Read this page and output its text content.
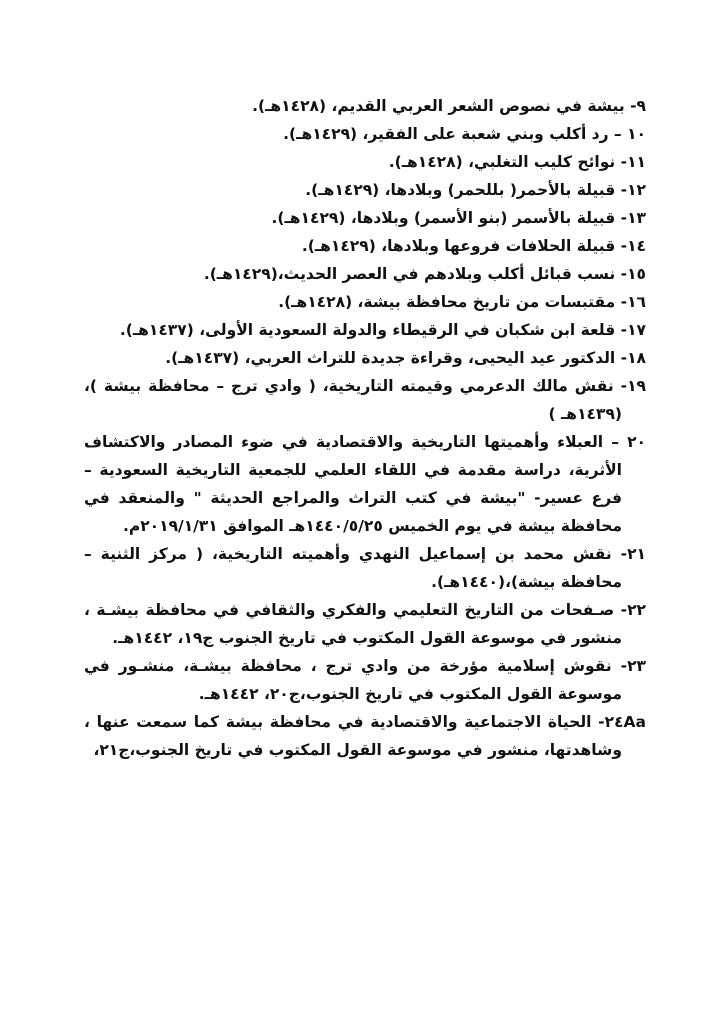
٩- بيشة في نصوص الشعر العربي القديم، (١٤٢٨هـ).
١٠ – رد أكلب وبني شعبة على الفقير، (١٤٢٩هـ).
١١- نوائح كليب التغلبي، (١٤٢٨هـ).
١٢- قبيلة بالأحمر( بللحمر) وبلادها، (١٤٢٩هـ).
١٣- قبيلة بالأسمر (بنو الأسمر) وبلادها، (١٤٢٩هـ).
١٤- قبيلة الحلافات فروعها وبلادها، (١٤٢٩هـ).
١٥- نسب قبائل أكلب وبلادهم في العصر الحديث،(١٤٢٩هـ).
١٦- مقتبسات من تاريخ محافظة بيشة، (١٤٢٨هـ).
١٧- قلعة ابن شكبان في الرقيطاء والدولة السعودية الأولى، (١٤٣٧هـ).
١٨- الدكتور عيد اليحيى، وقراءة جديدة للتراث العربي، (١٤٣٧هـ).
١٩- نقش مالك الدعرمي وقيمته التاريخية، ( وادي ترج – محافظة بيشة )، (١٤٣٩هـ )
٢٠ – العبلاء وأهميتها التاريخية والاقتصادية في ضوء المصادر والاكتشاف الأثرية، دراسة مقدمة في اللقاء العلمي للجمعية التاريخية السعودية – فرع عسير- "بيشة في كتب التراث والمراجع الحديثة " والمنعقد في محافظة بيشة في يوم الخميس ١٤٤٠/٥/٢٥هـ الموافق ٢٠١٩/١/٣١م.
٢١- نقش محمد بن إسماعيل النهدي وأهميته التاريخية، ( مركز الثنية – محافظة بيشة)،(١٤٤٠هـ).
٢٢- صـفحات من التاريخ التعليمي والفكري والثقافي في محافظة بيشـة ، منشور في موسوعة القول المكتوب في تاريخ الجنوب ج١٩، ١٤٤٢هـ.
٢٣- نقوش إسلامية مؤرخة من وادي ترج ، محافظة بيشـة، منشـور في موسوعة القول المكتوب في تاريخ الجنوب،ج٢٠، ١٤٤٢هـ.
٢٤Aa- الحياة الاجتماعية والاقتصادية في محافظة بيشة كما سمعت عنها ، وشاهدتها، منشور في موسوعة القول المكتوب في تاريخ الجنوب،ج٢١،
